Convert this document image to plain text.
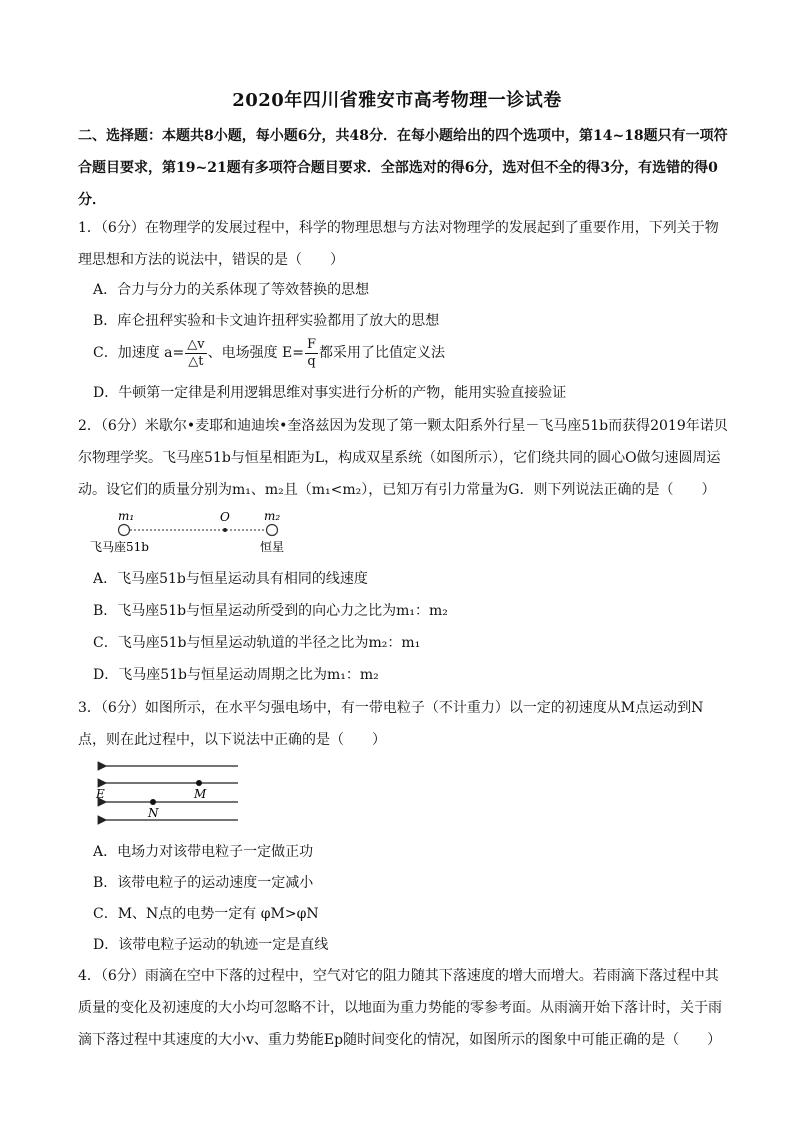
2020年四川省雅安市高考物理一诊试卷
二、选择题：本题共8小题，每小题6分，共48分．在每小题给出的四个选项中，第14~18题只有一项符合题目要求，第19~21题有多项符合题目要求．全部选对的得6分，选对但不全的得3分，有选错的得0分．
1．（6分）在物理学的发展过程中，科学的物理思想与方法对物理学的发展起到了重要作用，下列关于物理思想和方法的说法中，错误的是（　　）
A．合力与分力的关系体现了等效替换的思想
B．库仑扭秤实验和卡文迪许扭秤实验都用了放大的思想
C．加速度 $a= \frac{\triangle v}{\triangle t}$ 、电场强度 $E= \frac{F}{q}$ 都采用了比值定义法
D．牛顿第一定律是利用逻辑思维对事实进行分析的产物，能用实验直接验证
2．（6分）米歇尔•麦耶和迪迪埃•奎洛兹因为发现了第一颗太阳系外行星－飞马座51b而获得2019年诺贝尔物理学奖。飞马座51b与恒星相距为L，构成双星系统（如图所示），它们绕共同的圆心O做匀速圆周运动。设它们的质量分别为m₁、m₂且（m₁<m₂），已知万有引力常量为G．则下列说法正确的是（　　）
m₁	O	m₂
飞马座51b	恒星
A．飞马座51b与恒星运动具有相同的线速度
B．飞马座51b与恒星运动所受到的向心力之比为m₁：m₂
C．飞马座51b与恒星运动轨道的半径之比为m₂：m₁
D．飞马座51b与恒星运动周期之比为m₁：m₂
3．（6分）如图所示，在水平匀强电场中，有一带电粒子（不计重力）以一定的初速度从M点运动到N点，则在此过程中，以下说法中正确的是（　　）
E	M
N
A．电场力对该带电粒子一定做正功
B．该带电粒子的运动速度一定减小
C．M、N点的电势一定有 φM>φN
D．该带电粒子运动的轨迹一定是直线
4．（6分）雨滴在空中下落的过程中，空气对它的阻力随其下落速度的增大而增大。若雨滴下落过程中其质量的变化及初速度的大小均可忽略不计，以地面为重力势能的零参考面。从雨滴开始下落计时，关于雨滴下落过程中其速度的大小v、重力势能Ep随时间变化的情况，如图所示的图象中可能正确的是（　　）
